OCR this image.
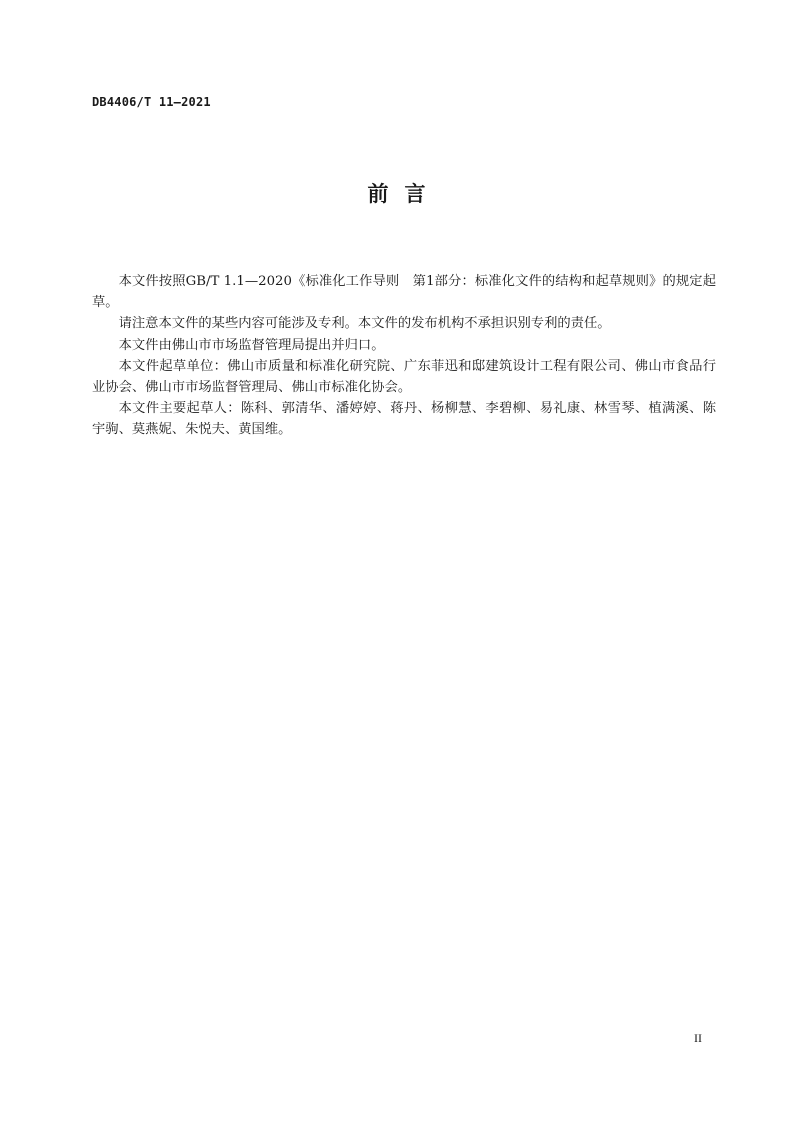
DB4406/T 11—2021
前言

本文件按照GB/T 1.1—2020《标准化工作导则　第1部分：标准化文件的结构和起草规则》的规定起草。

请注意本文件的某些内容可能涉及专利。本文件的发布机构不承担识别专利的责任。

本文件由佛山市市场监督管理局提出并归口。

本文件起草单位：佛山市质量和标准化研究院、广东菲迅和邸建筑设计工程有限公司、佛山市食品行业协会、佛山市市场监督管理局、佛山市标准化协会。

本文件主要起草人：陈科、郭清华、潘婷婷、蒋丹、杨柳慧、李碧柳、易礼康、林雪琴、植满溪、陈宇驹、莫燕妮、朱悦夫、黄国维。

II
